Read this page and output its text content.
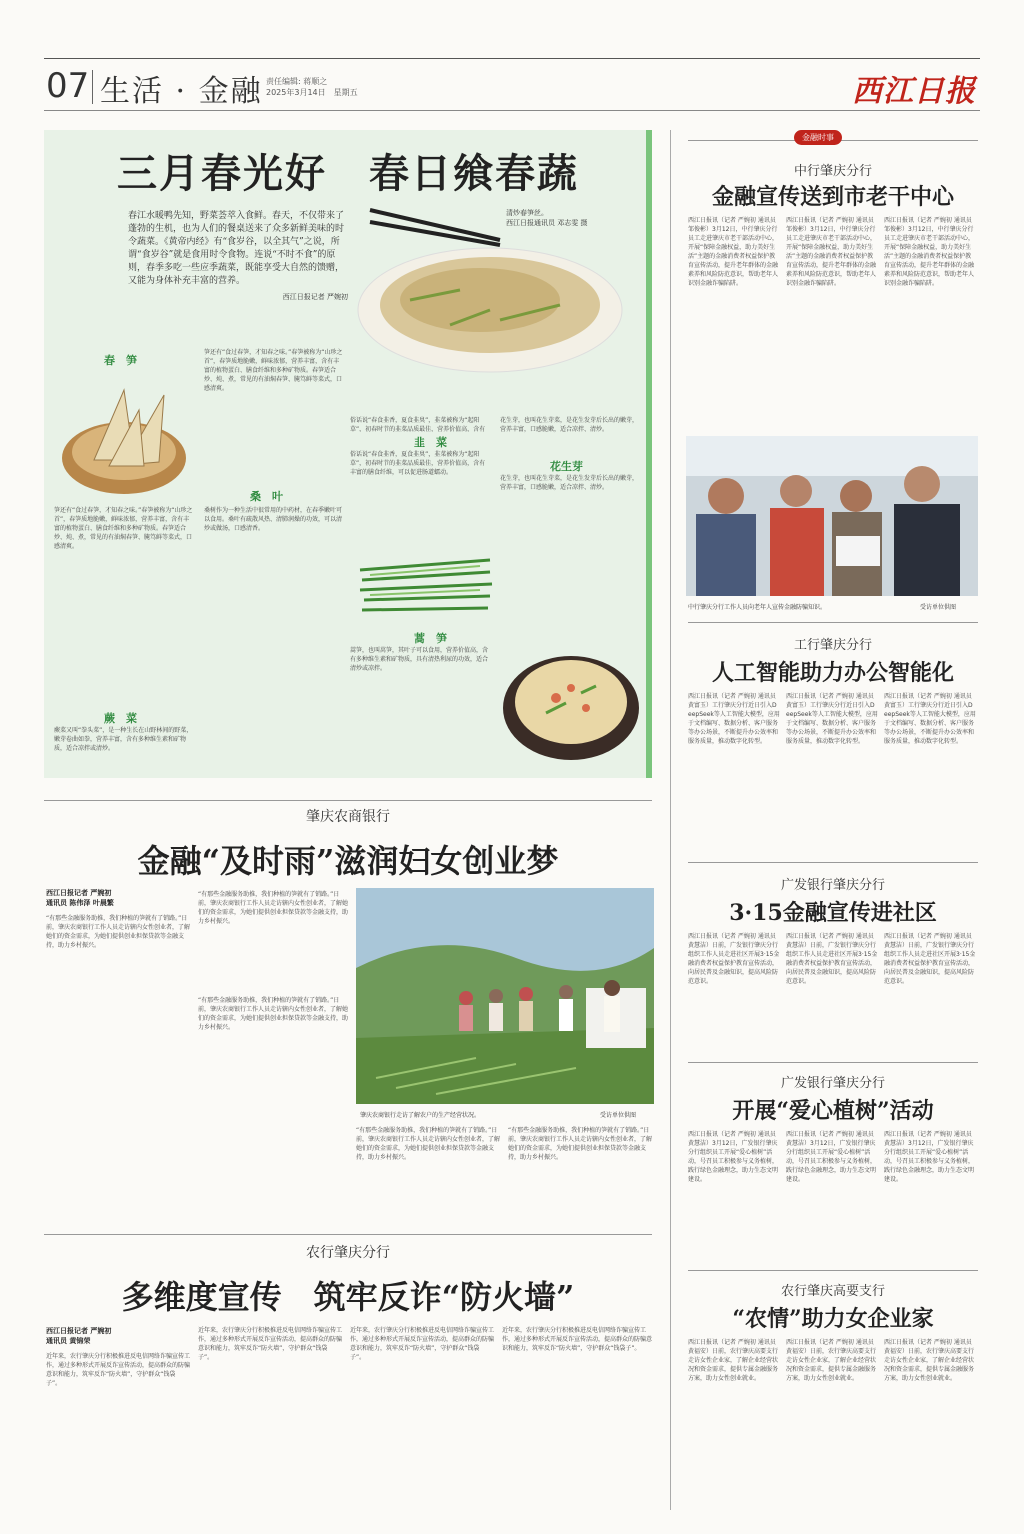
07 生活 · 金融 责任编辑: 蒋顺之
2025年3月14日　星期五	西江日报
三月春光好　春日飨春蔬
春江水暖鸭先知，野菜荟萃入食鲜。春天，不仅带来了蓬勃的生机，也为人们的餐桌送来了众多新鲜美味的时令蔬菜。《黄帝内经》有“食岁谷，以全其气”之说，所谓“食岁谷”就是食用时令食物。连说“不时不食”的原则，春季多吃一些应季蔬菜，既能享受大自然的馈赠，又能为身体补充丰富的营养。
西江日报记者 严婉初
清炒春笋丝。
西江日报通讯员 邓志雯 摄
春　笋
笋还有“食过春笋，才知春之味。”春笋被称为“山珍之首”，春笋质地脆嫩，鲜味浓郁，营养丰富，含有丰富的植物蛋白、膳食纤维和多种矿物质。春笋适合炒、炖、煮，常见的有油焖春笋、腌笃鲜等菜式，口感清爽。
笋还有“食过春笋，才知春之味。”春笋被称为“山珍之首”，春笋质地脆嫩，鲜味浓郁，营养丰富，含有丰富的植物蛋白、膳食纤维和多种矿物质。春笋适合炒、炖、煮，常见的有油焖春笋、腌笃鲜等菜式，口感清爽。
蕨　菜
蕨菜又叫“拳头菜”，是一种生长在山野林间的野菜，嫩芽卷曲如拳，营养丰富，含有多种维生素和矿物质，适合凉拌或清炒。
桑　叶
桑树作为一种生活中很常用的中药材，在春季嫩叶可以食用。桑叶有疏散风热、清肺润燥的功效，可以清炒或做汤，口感清香。
韭　菜
俗话说“春食韭香，夏食韭臭”，韭菜被称为“起阳草”，初春时节的韭菜品质最佳，营养价值高，含有
俗话说“春食韭香，夏食韭臭”，韭菜被称为“起阳草”，初春时节的韭菜品质最佳，营养价值高，含有丰富的膳食纤维，可以促进肠道蠕动。	花生芽
花生芽，也叫花生芽菜，是花生发芽后长出的嫩芽，营养丰富，口感脆嫩，适合凉拌、清炒。
花生芽，也叫花生芽菜，是花生发芽后长出的嫩芽，营养丰富，口感脆嫩，适合凉拌、清炒。
蒿　笋
蒿笋，也叫莴笋，其叶子可以食用，营养价值高，含有多种维生素和矿物质，具有清热利尿的功效，适合清炒或凉拌。
金融时事
中行肇庆分行
金融宣传送到市老干中心
西江日报讯（记者 严婉初 通讯员 邹俊彬）3月12日，中行肇庆分行员工走进肇庆市老干部活动中心，开展“保障金融权益，助力美好生活”主题的金融消费者权益保护教育宣传活动，提升老年群体的金融素养和风险防范意识，帮助老年人识别金融诈骗陷阱。
西江日报讯（记者 严婉初 通讯员 邹俊彬）3月12日，中行肇庆分行员工走进肇庆市老干部活动中心，开展“保障金融权益，助力美好生活”主题的金融消费者权益保护教育宣传活动，提升老年群体的金融素养和风险防范意识，帮助老年人识别金融诈骗陷阱。
西江日报讯（记者 严婉初 通讯员 邹俊彬）3月12日，中行肇庆分行员工走进肇庆市老干部活动中心，开展“保障金融权益，助力美好生活”主题的金融消费者权益保护教育宣传活动，提升老年群体的金融素养和风险防范意识，帮助老年人识别金融诈骗陷阱。
中行肇庆分行工作人员向老年人宣传金融防骗知识。	受访单位供图
工行肇庆分行
人工智能助力办公智能化
西江日报讯（记者 严婉初 通讯员 黄富玉）工行肇庆分行近日引入DeepSeek等人工智能大模型，应用于文档编写、数据分析、客户服务等办公场景，不断提升办公效率和服务质量，推动数字化转型。
西江日报讯（记者 严婉初 通讯员 黄富玉）工行肇庆分行近日引入DeepSeek等人工智能大模型，应用于文档编写、数据分析、客户服务等办公场景，不断提升办公效率和服务质量，推动数字化转型。
西江日报讯（记者 严婉初 通讯员 黄富玉）工行肇庆分行近日引入DeepSeek等人工智能大模型，应用于文档编写、数据分析、客户服务等办公场景，不断提升办公效率和服务质量，推动数字化转型。
广发银行肇庆分行
3·15金融宣传进社区
西江日报讯（记者 严婉初 通讯员 黄慧洁）日前，广发银行肇庆分行组织工作人员走进社区开展3·15金融消费者权益保护教育宣传活动，向居民普及金融知识，提高风险防范意识。
西江日报讯（记者 严婉初 通讯员 黄慧洁）日前，广发银行肇庆分行组织工作人员走进社区开展3·15金融消费者权益保护教育宣传活动，向居民普及金融知识，提高风险防范意识。
西江日报讯（记者 严婉初 通讯员 黄慧洁）日前，广发银行肇庆分行组织工作人员走进社区开展3·15金融消费者权益保护教育宣传活动，向居民普及金融知识，提高风险防范意识。
广发银行肇庆分行
开展“爱心植树”活动
西江日报讯（记者 严婉初 通讯员 黄慧洁）3月12日，广发银行肇庆分行组织员工开展“爱心植树”活动，号召员工积极参与义务植树，践行绿色金融理念，助力生态文明建设。
西江日报讯（记者 严婉初 通讯员 黄慧洁）3月12日，广发银行肇庆分行组织员工开展“爱心植树”活动，号召员工积极参与义务植树，践行绿色金融理念，助力生态文明建设。
西江日报讯（记者 严婉初 通讯员 黄慧洁）3月12日，广发银行肇庆分行组织员工开展“爱心植树”活动，号召员工积极参与义务植树，践行绿色金融理念，助力生态文明建设。
农行肇庆高要支行
“农情”助力女企业家
西江日报讯（记者 严婉初 通讯员 黄福安）日前，农行肇庆高要支行走访女性企业家，了解企业经营状况和资金需求，提供专属金融服务方案，助力女性创业就业。
西江日报讯（记者 严婉初 通讯员 黄福安）日前，农行肇庆高要支行走访女性企业家，了解企业经营状况和资金需求，提供专属金融服务方案，助力女性创业就业。
西江日报讯（记者 严婉初 通讯员 黄福安）日前，农行肇庆高要支行走访女性企业家，了解企业经营状况和资金需求，提供专属金融服务方案，助力女性创业就业。
肇庆农商银行
金融“及时雨”滋润妇女创业梦
西江日报记者 严婉初
通讯员 陈伟泽 叶晨繁
“有那些金融服务助推，我们种植的笋就有了销路。”日前，肇庆农商银行工作人员走访辖内女性创业者，了解她们的资金需求，为她们提供创业担保贷款等金融支持，助力乡村振兴。
“有那些金融服务助推，我们种植的笋就有了销路。”日前，肇庆农商银行工作人员走访辖内女性创业者，了解她们的资金需求，为她们提供创业担保贷款等金融支持，助力乡村振兴。
肇庆农商银行走访了解农户的生产经营状况。	受访单位供图
“有那些金融服务助推，我们种植的笋就有了销路。”日前，肇庆农商银行工作人员走访辖内女性创业者，了解她们的资金需求，为她们提供创业担保贷款等金融支持，助力乡村振兴。
“有那些金融服务助推，我们种植的笋就有了销路。”日前，肇庆农商银行工作人员走访辖内女性创业者，了解她们的资金需求，为她们提供创业担保贷款等金融支持，助力乡村振兴。
“有那些金融服务助推，我们种植的笋就有了销路。”日前，肇庆农商银行工作人员走访辖内女性创业者，了解她们的资金需求，为她们提供创业担保贷款等金融支持，助力乡村振兴。
农行肇庆分行
多维度宣传　筑牢反诈“防火墙”
西江日报记者 严婉初
通讯员 黄锦荣
近年来，农行肇庆分行积极推进反电信网络诈骗宣传工作，通过多种形式开展反诈宣传活动，提高群众的防骗意识和能力，筑牢反诈“防火墙”，守护群众“钱袋子”。
近年来，农行肇庆分行积极推进反电信网络诈骗宣传工作，通过多种形式开展反诈宣传活动，提高群众的防骗意识和能力，筑牢反诈“防火墙”，守护群众“钱袋子”。
近年来，农行肇庆分行积极推进反电信网络诈骗宣传工作，通过多种形式开展反诈宣传活动，提高群众的防骗意识和能力，筑牢反诈“防火墙”，守护群众“钱袋子”。
近年来，农行肇庆分行积极推进反电信网络诈骗宣传工作，通过多种形式开展反诈宣传活动，提高群众的防骗意识和能力，筑牢反诈“防火墙”，守护群众“钱袋子”。
